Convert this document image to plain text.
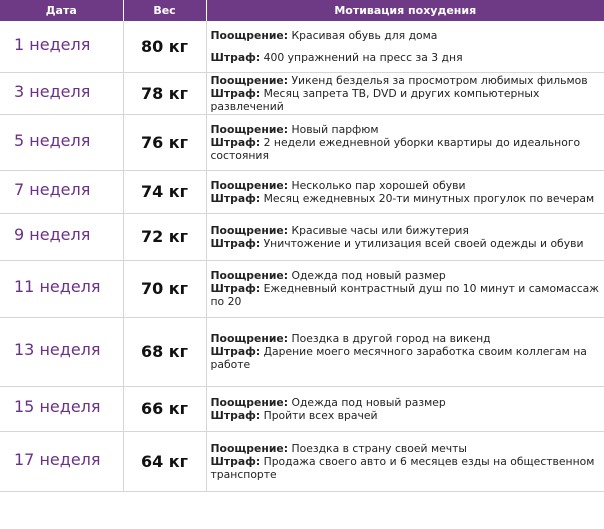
Дата	Вес	Мотивация похудения
1 неделя	80 кг	Поощрение: Красивая обувь для дома
Штраф: 400 упражнений на пресс за 3 дня

3 неделя	78 кг	Поощрение: Уикенд безделья за просмотром любимых фильмов
Штраф: Месяц запрета ТВ, DVD и других компьютерных развлечений

5 неделя	76 кг	Поощрение: Новый парфюм
Штраф: 2 недели ежедневной уборки квартиры до идеального состояния

7 неделя	74 кг	Поощрение: Несколько пар хорошей обуви
Штраф: Месяц ежедневных 20-ти минутных прогулок по вечерам

9 неделя	72 кг	Поощрение: Красивые часы или бижутерия
Штраф: Уничтожение и утилизация всей своей одежды и обуви

11 неделя	70 кг	Поощрение: Одежда под новый размер
Штраф: Ежедневный контрастный душ по 10 минут и самомассаж по 20

13 неделя	68 кг	Поощрение: Поездка в другой город на викенд
Штраф: Дарение моего месячного заработка своим коллегам на работе

15 неделя	66 кг	Поощрение: Одежда под новый размер
Штраф: Пройти всех врачей

17 неделя	64 кг	Поощрение: Поездка в страну своей мечты
Штраф: Продажа своего авто и 6 месяцев езды на общественном транспорте
